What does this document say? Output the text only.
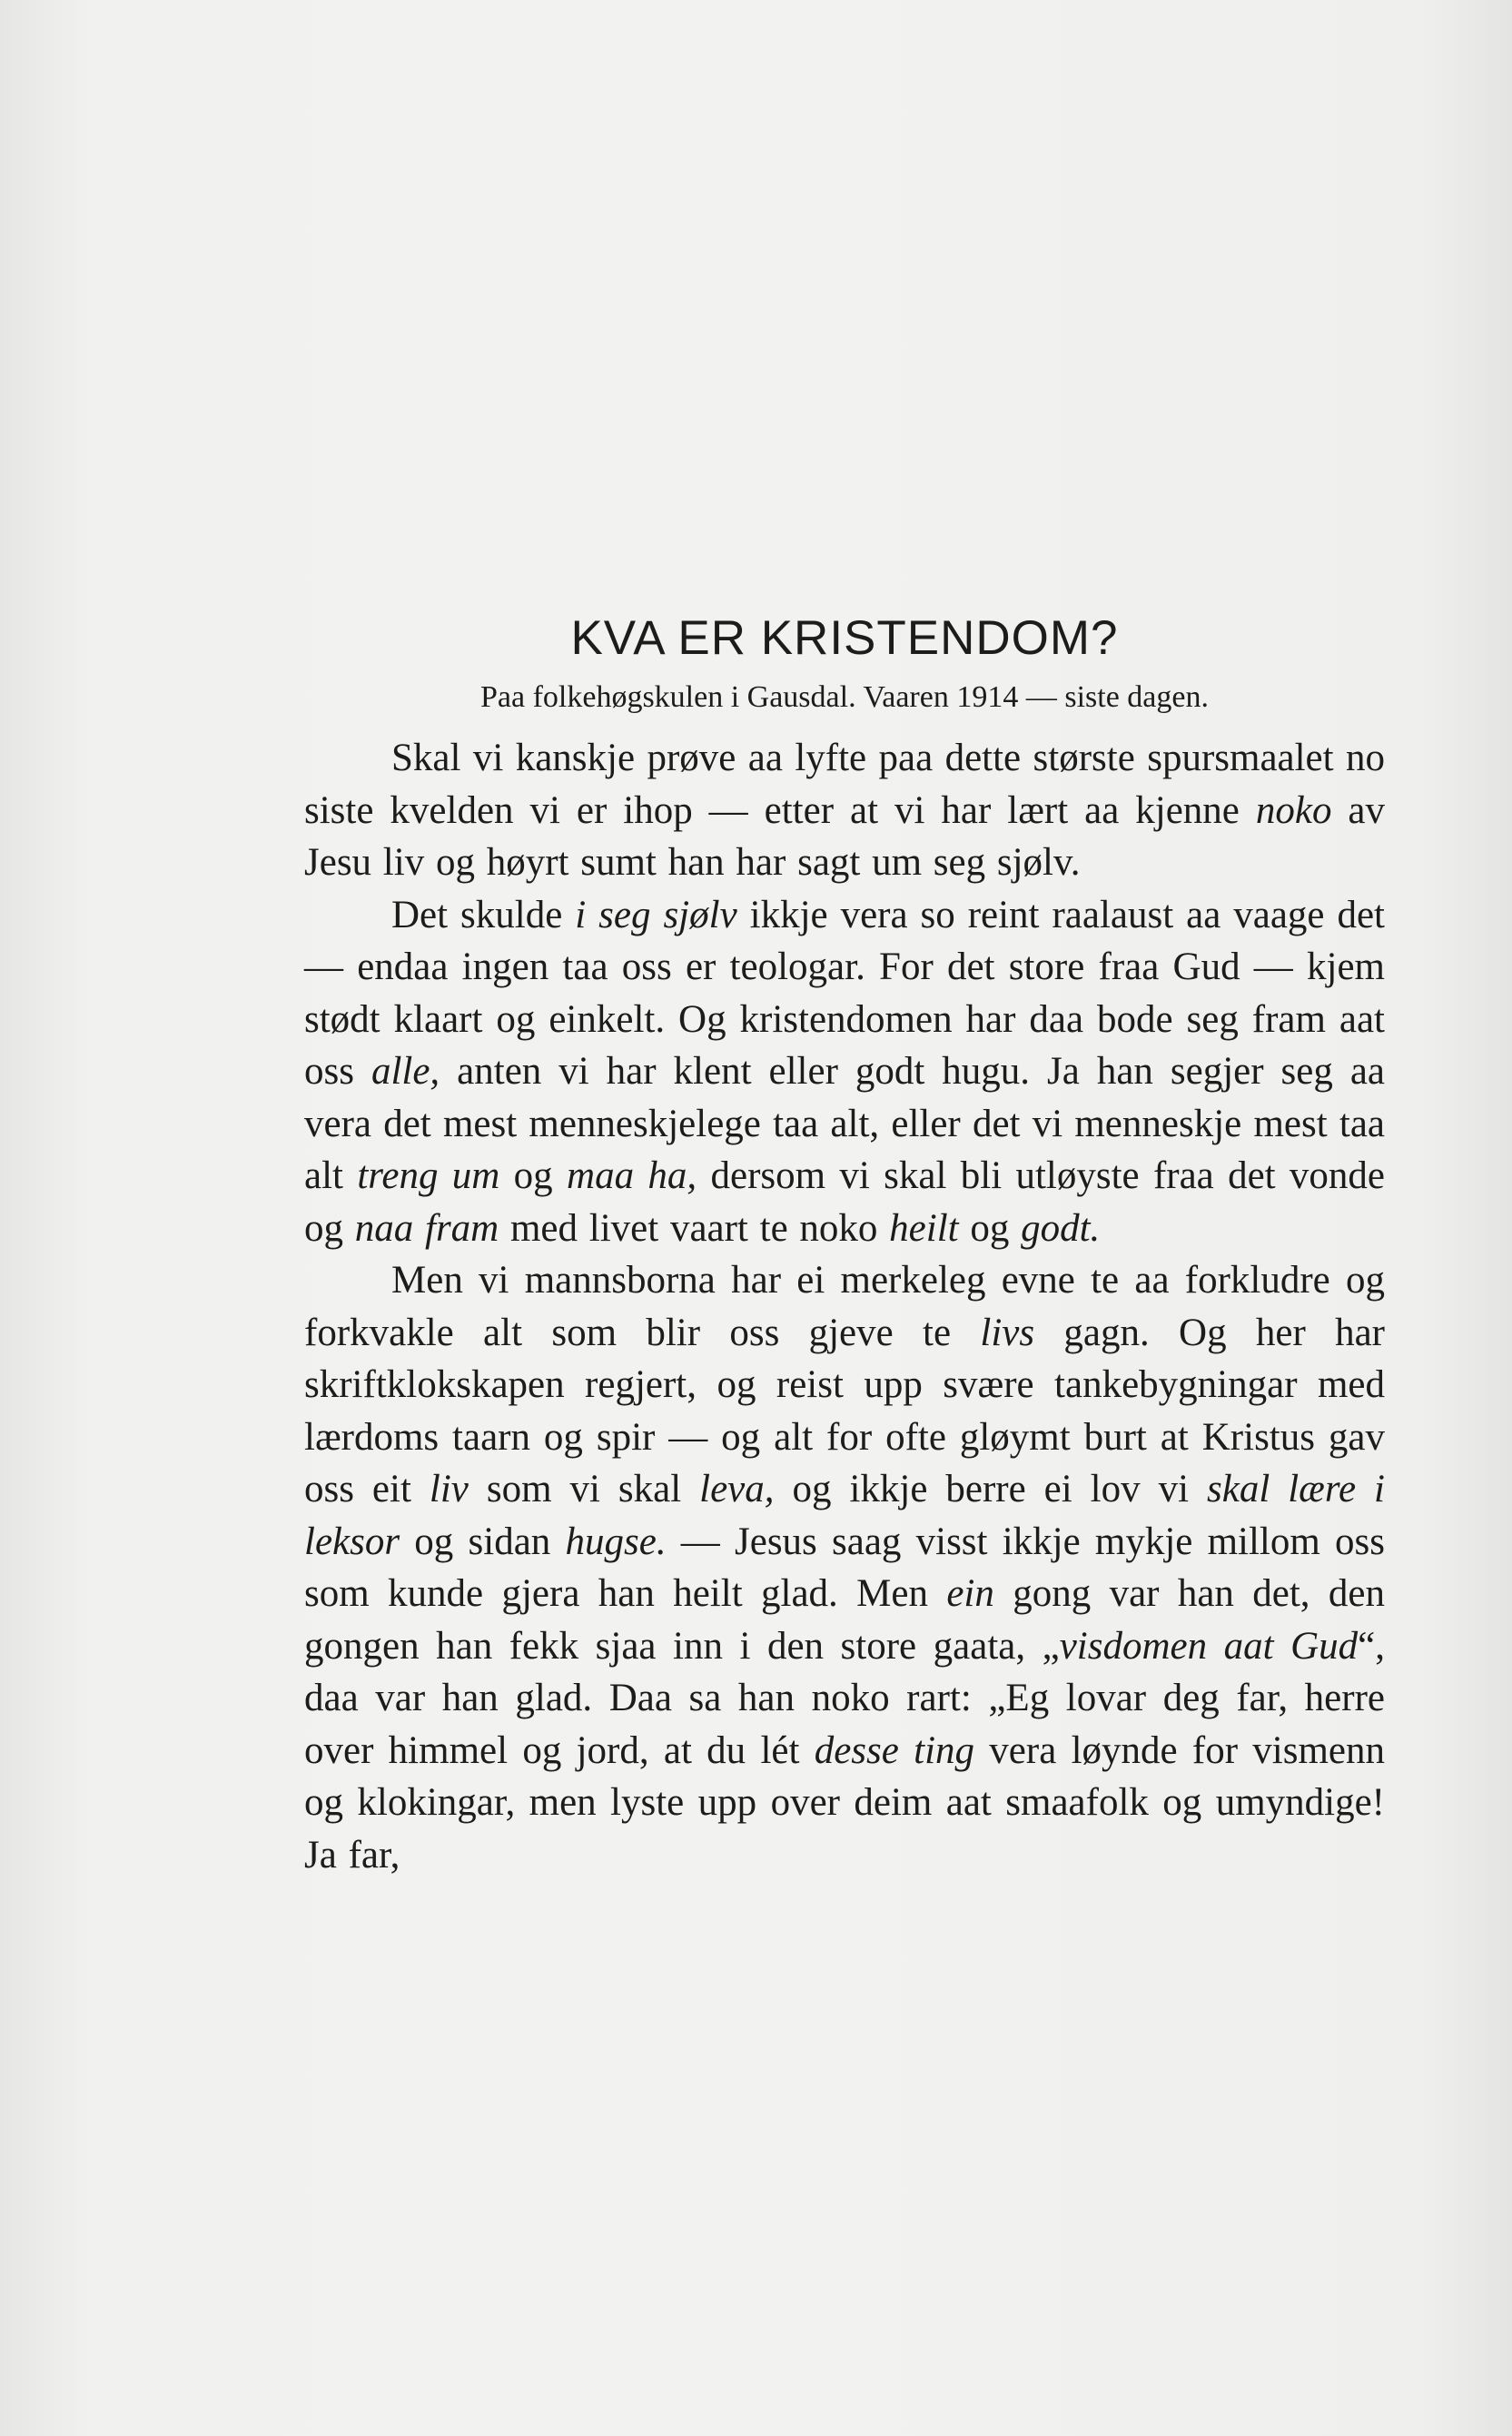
KVA ER KRISTENDOM?
Paa folkehøgskulen i Gausdal. Vaaren 1914 — siste dagen.

Skal vi kanskje prøve aa lyfte paa dette største spursmaalet no siste kvelden vi er ihop — etter at vi har lært aa kjenne noko av Jesu liv og høyrt sumt han har sagt um seg sjølv.

Det skulde i seg sjølv ikkje vera so reint raalaust aa vaage det — endaa ingen taa oss er teologar. For det store fraa Gud — kjem stødt klaart og einkelt. Og kristendomen har daa bode seg fram aat oss alle, anten vi har klent eller godt hugu. Ja han segjer seg aa vera det mest menneskjelege taa alt, eller det vi menneskje mest taa alt treng um og maa ha, dersom vi skal bli utløyste fraa det vonde og naa fram med livet vaart te noko heilt og godt.

Men vi mannsborna har ei merkeleg evne te aa forkludre og forkvakle alt som blir oss gjeve te livs gagn. Og her har skriftklokskapen regjert, og reist upp svære tankebygningar med lærdoms taarn og spir — og alt for ofte gløymt burt at Kristus gav oss eit liv som vi skal leva, og ikkje berre ei lov vi skal lære i leksor og sidan hugse. — Jesus saag visst ikkje mykje millom oss som kunde gjera han heilt glad. Men ein gong var han det, den gongen han fekk sjaa inn i den store gaata, „visdomen aat Gud“, daa var han glad. Daa sa han noko rart: „Eg lovar deg far, herre over himmel og jord, at du lét desse ting vera løynde for vismenn og klokingar, men lyste upp over deim aat smaafolk og umyndige! Ja far,
